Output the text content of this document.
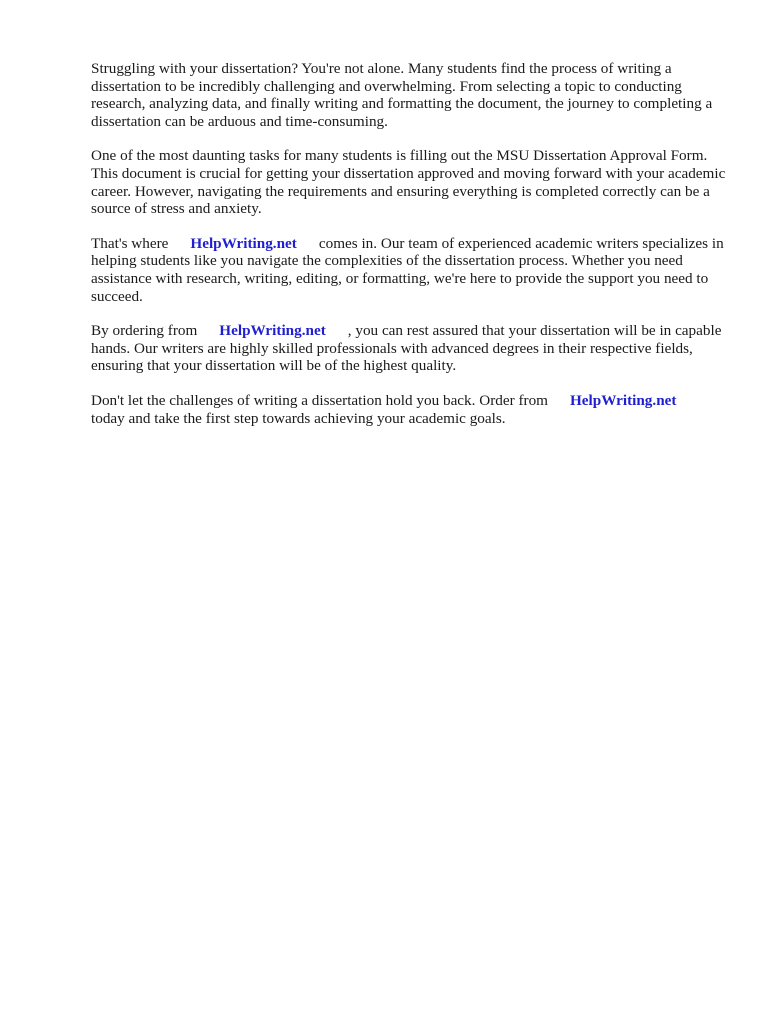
Struggling with your dissertation? You're not alone. Many students find the process of writing a dissertation to be incredibly challenging and overwhelming. From selecting a topic to conducting research, analyzing data, and finally writing and formatting the document, the journey to completing a dissertation can be arduous and time-consuming.

One of the most daunting tasks for many students is filling out the MSU Dissertation Approval Form. This document is crucial for getting your dissertation approved and moving forward with your academic career. However, navigating the requirements and ensuring everything is completed correctly can be a source of stress and anxiety.

That's where HelpWriting.net comes in. Our team of experienced academic writers specializes in helping students like you navigate the complexities of the dissertation process. Whether you need assistance with research, writing, editing, or formatting, we're here to provide the support you need to succeed.

By ordering from HelpWriting.net , you can rest assured that your dissertation will be in capable hands. Our writers are highly skilled professionals with advanced degrees in their respective fields, ensuring that your dissertation will be of the highest quality.

Don't let the challenges of writing a dissertation hold you back. Order from HelpWriting.nettoday and take the first step towards achieving your academic goals.
